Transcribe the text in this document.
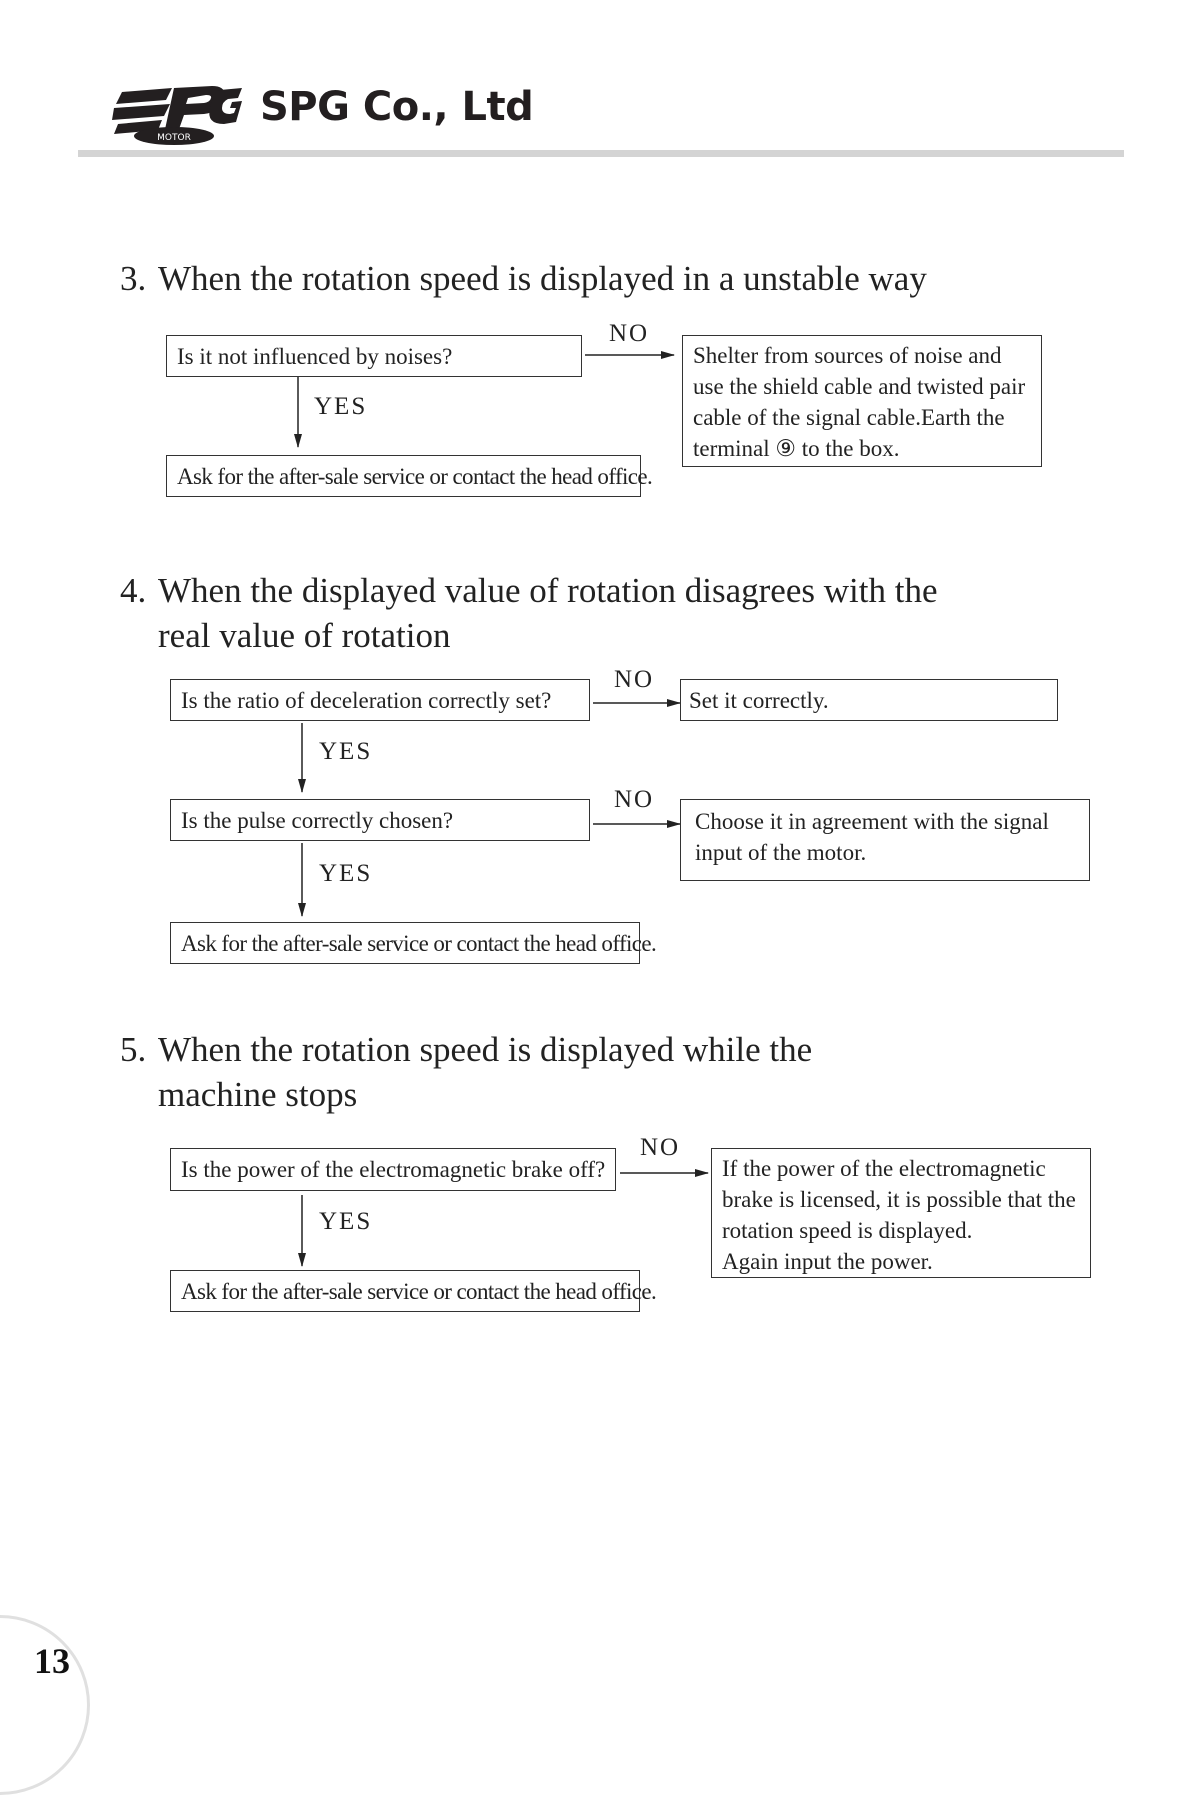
MOTOR
SPG Co., Ltd
3. When the rotation speed is displayed in a unstable way
Is it not influenced by noises?
NO
YES
Ask for the after-sale service or contact the head office.
Shelter from sources of noise and
use the shield cable and twisted pair
cable of the signal cable.Earth the
terminal ⑨ to the box.
4. When the displayed value of rotation disagrees with the
real value of rotation
Is the ratio of deceleration correctly set?
NO
Set it correctly.
YES
Is the pulse correctly chosen?
NO
Choose it in agreement with the signal
input of the motor.
YES
Ask for the after-sale service or contact the head office.
5. When the rotation speed is displayed while the
machine stops
Is the power of the electromagnetic brake off?
NO
YES
Ask for the after-sale service or contact the head office.
If the power of the electromagnetic
brake is licensed, it is possible that the
rotation speed is displayed.
Again input the power.
13
